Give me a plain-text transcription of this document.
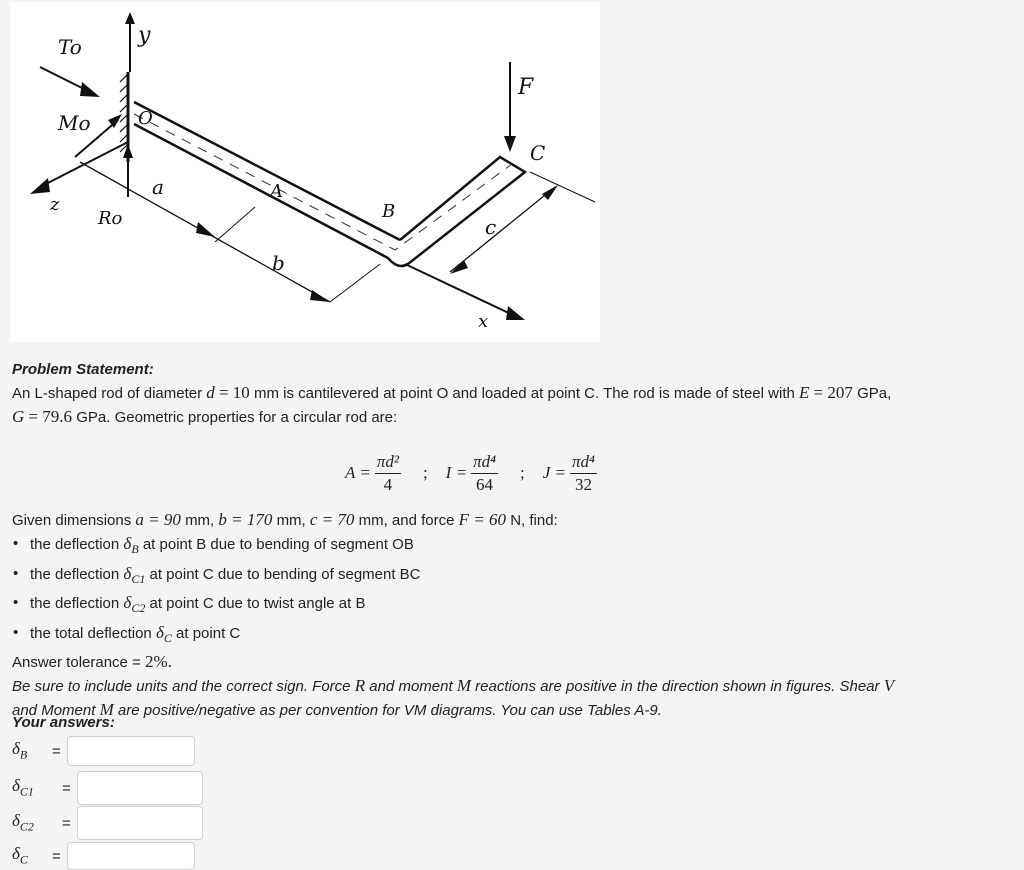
To
Mo
Ro
O
y
z
x
a
b
c
A
B
C
F
Problem Statement:
An L-shaped rod of diameter d = 10 mm is cantilevered at point O and loaded at point C. The rod is made of steel with E = 207 GPa,
G = 79.6 GPa. Geometric properties for a circular rod are:
$A = \frac{\text{πd²}}{4}$ ; $I = \frac{\text{πd⁴}}{64}$ ; $J = \frac{\text{πd⁴}}{32}$
Given dimensions a = 90 mm, b = 170 mm, c = 70 mm, and force F = 60 N, find:
• the deflection $\delta_B$ at point B due to bending of segment OB
• the deflection $\delta_{C1}$ at point C due to bending of segment BC
• the deflection $\delta_{C2}$ at point C due to twist angle at B
• the total deflection $\delta_C$ at point C
Answer tolerance = 2%.
Be sure to include units and the correct sign. Force R and moment M reactions are positive in the direction shown in figures. Shear V
and Moment M are positive/negative as per convention for VM diagrams. You can use Tables A-9.
Your answers:
$\delta_B$	=
$\delta_{C1}$	=
$\delta_{C2}$	=
$\delta_C$	=
